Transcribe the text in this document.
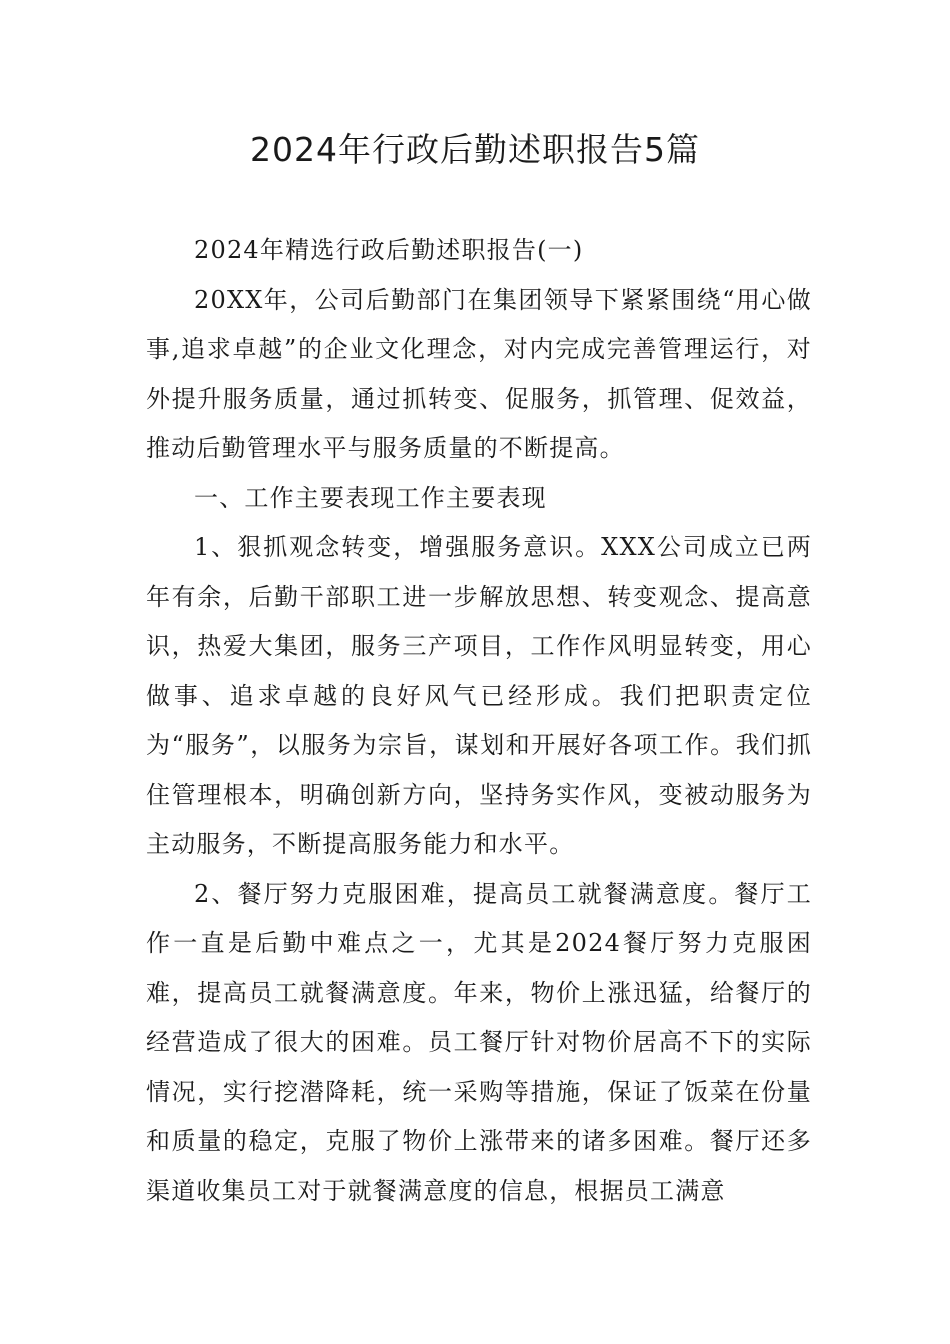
2024年行政后勤述职报告5篇

2024年精选行政后勤述职报告(一)

20XX年，公司后勤部门在集团领导下紧紧围绕“用心做事,追求卓越”的企业文化理念，对内完成完善管理运行，对外提升服务质量，通过抓转变、促服务，抓管理、促效益，推动后勤管理水平与服务质量的不断提高。

一、工作主要表现工作主要表现

1、狠抓观念转变，增强服务意识。XXX公司成立已两年有余，后勤干部职工进一步解放思想、转变观念、提高意识，热爱大集团，服务三产项目，工作作风明显转变，用心做事、追求卓越的良好风气已经形成。我们把职责定位为“服务”，以服务为宗旨，谋划和开展好各项工作。我们抓住管理根本，明确创新方向，坚持务实作风，变被动服务为主动服务，不断提高服务能力和水平。

2、餐厅努力克服困难，提高员工就餐满意度。餐厅工作一直是后勤中难点之一，尤其是2024餐厅努力克服困难，提高员工就餐满意度。年来，物价上涨迅猛，给餐厅的经营造成了很大的困难。员工餐厅针对物价居高不下的实际情况，实行挖潜降耗，统一采购等措施，保证了饭菜在份量和质量的稳定，克服了物价上涨带来的诸多困难。餐厅还多渠道收集员工对于就餐满意度的信息，根据员工满意
